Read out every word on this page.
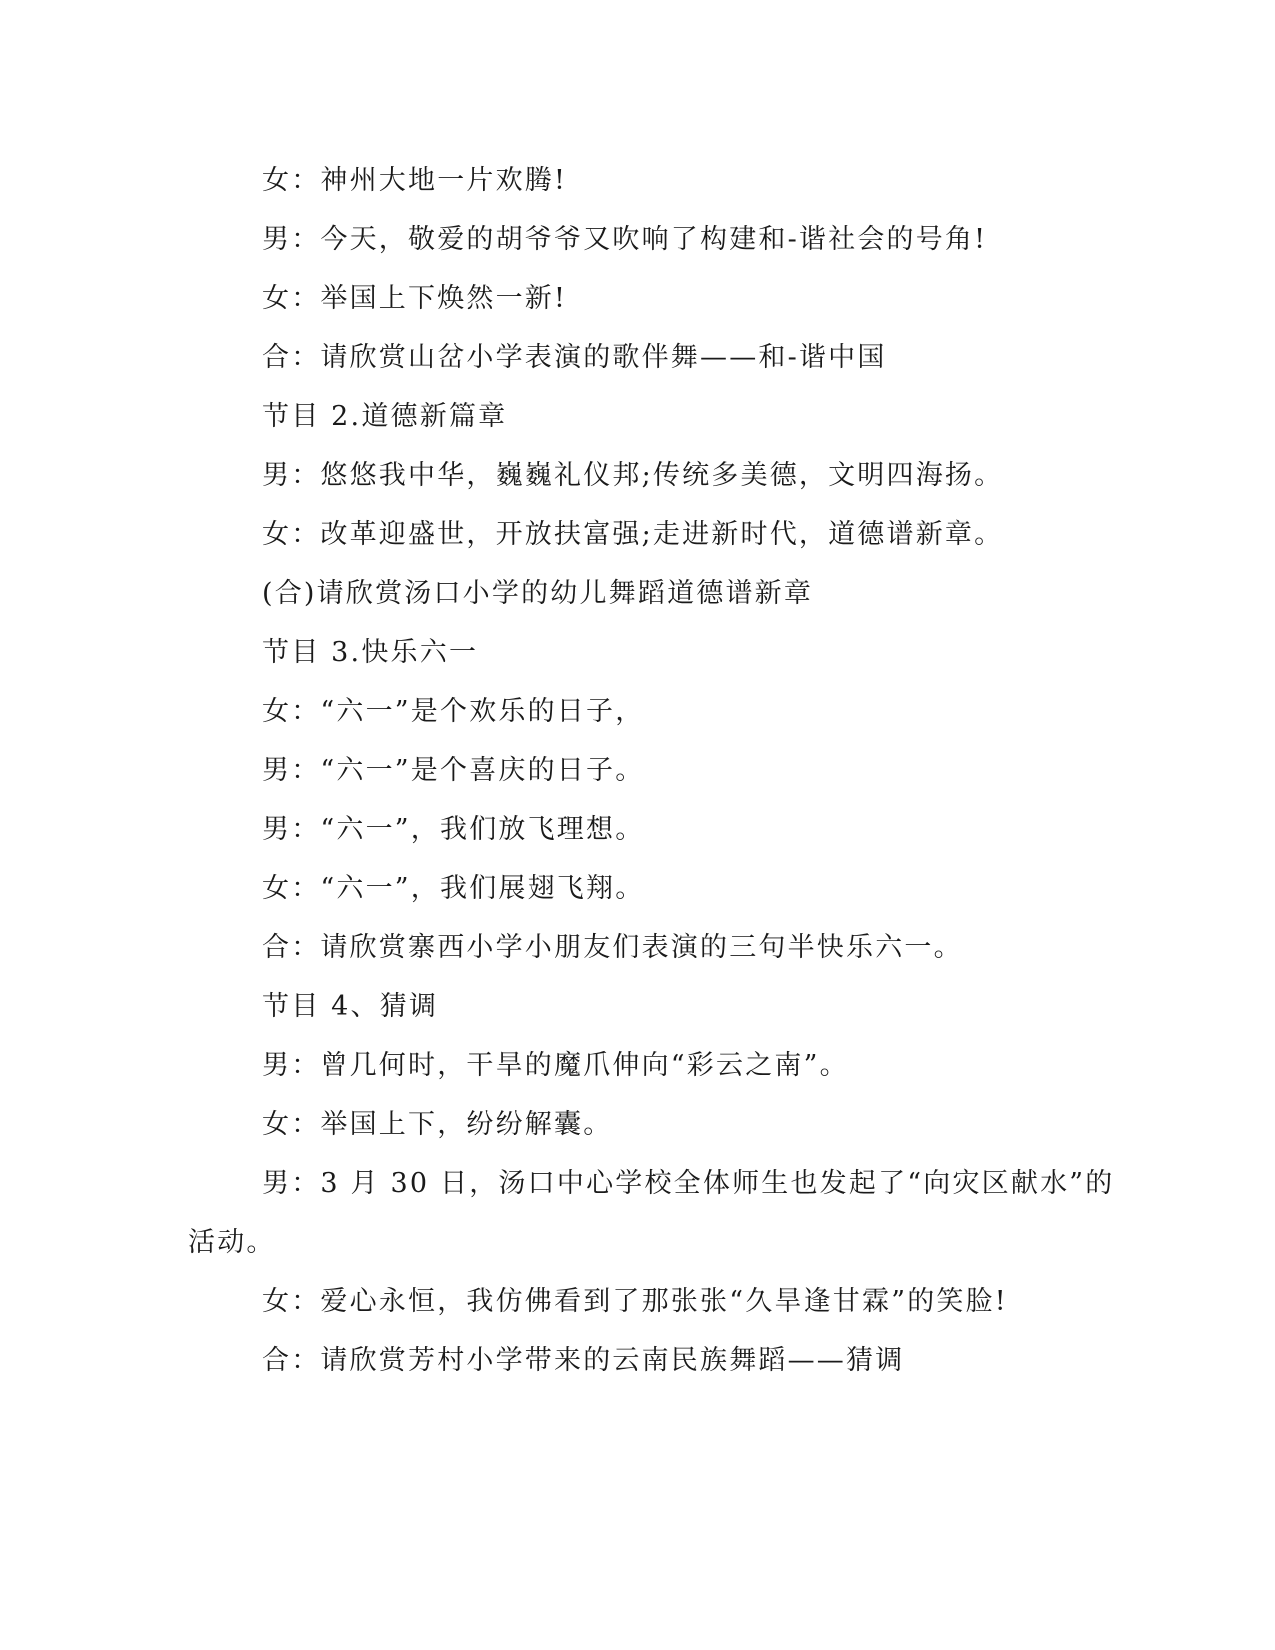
女：神州大地一片欢腾!
男：今天，敬爱的胡爷爷又吹响了构建和-谐社会的号角!
女：举国上下焕然一新!
合：请欣赏山岔小学表演的歌伴舞——和-谐中国
节目 2.道德新篇章
男：悠悠我中华，巍巍礼仪邦;传统多美德，文明四海扬。
女：改革迎盛世，开放扶富强;走进新时代，道德谱新章。
(合)请欣赏汤口小学的幼儿舞蹈道德谱新章
节目 3.快乐六一
女：“六一”是个欢乐的日子，
男：“六一”是个喜庆的日子。
男：“六一”，我们放飞理想。
女：“六一”，我们展翅飞翔。
合：请欣赏寨西小学小朋友们表演的三句半快乐六一。
节目 4、猜调
男：曾几何时，干旱的魔爪伸向“彩云之南”。
女：举国上下，纷纷解囊。
男：3 月 30 日，汤口中心学校全体师生也发起了“向灾区献水”的
活动。
女：爱心永恒，我仿佛看到了那张张“久旱逢甘霖”的笑脸!
合：请欣赏芳村小学带来的云南民族舞蹈——猜调
